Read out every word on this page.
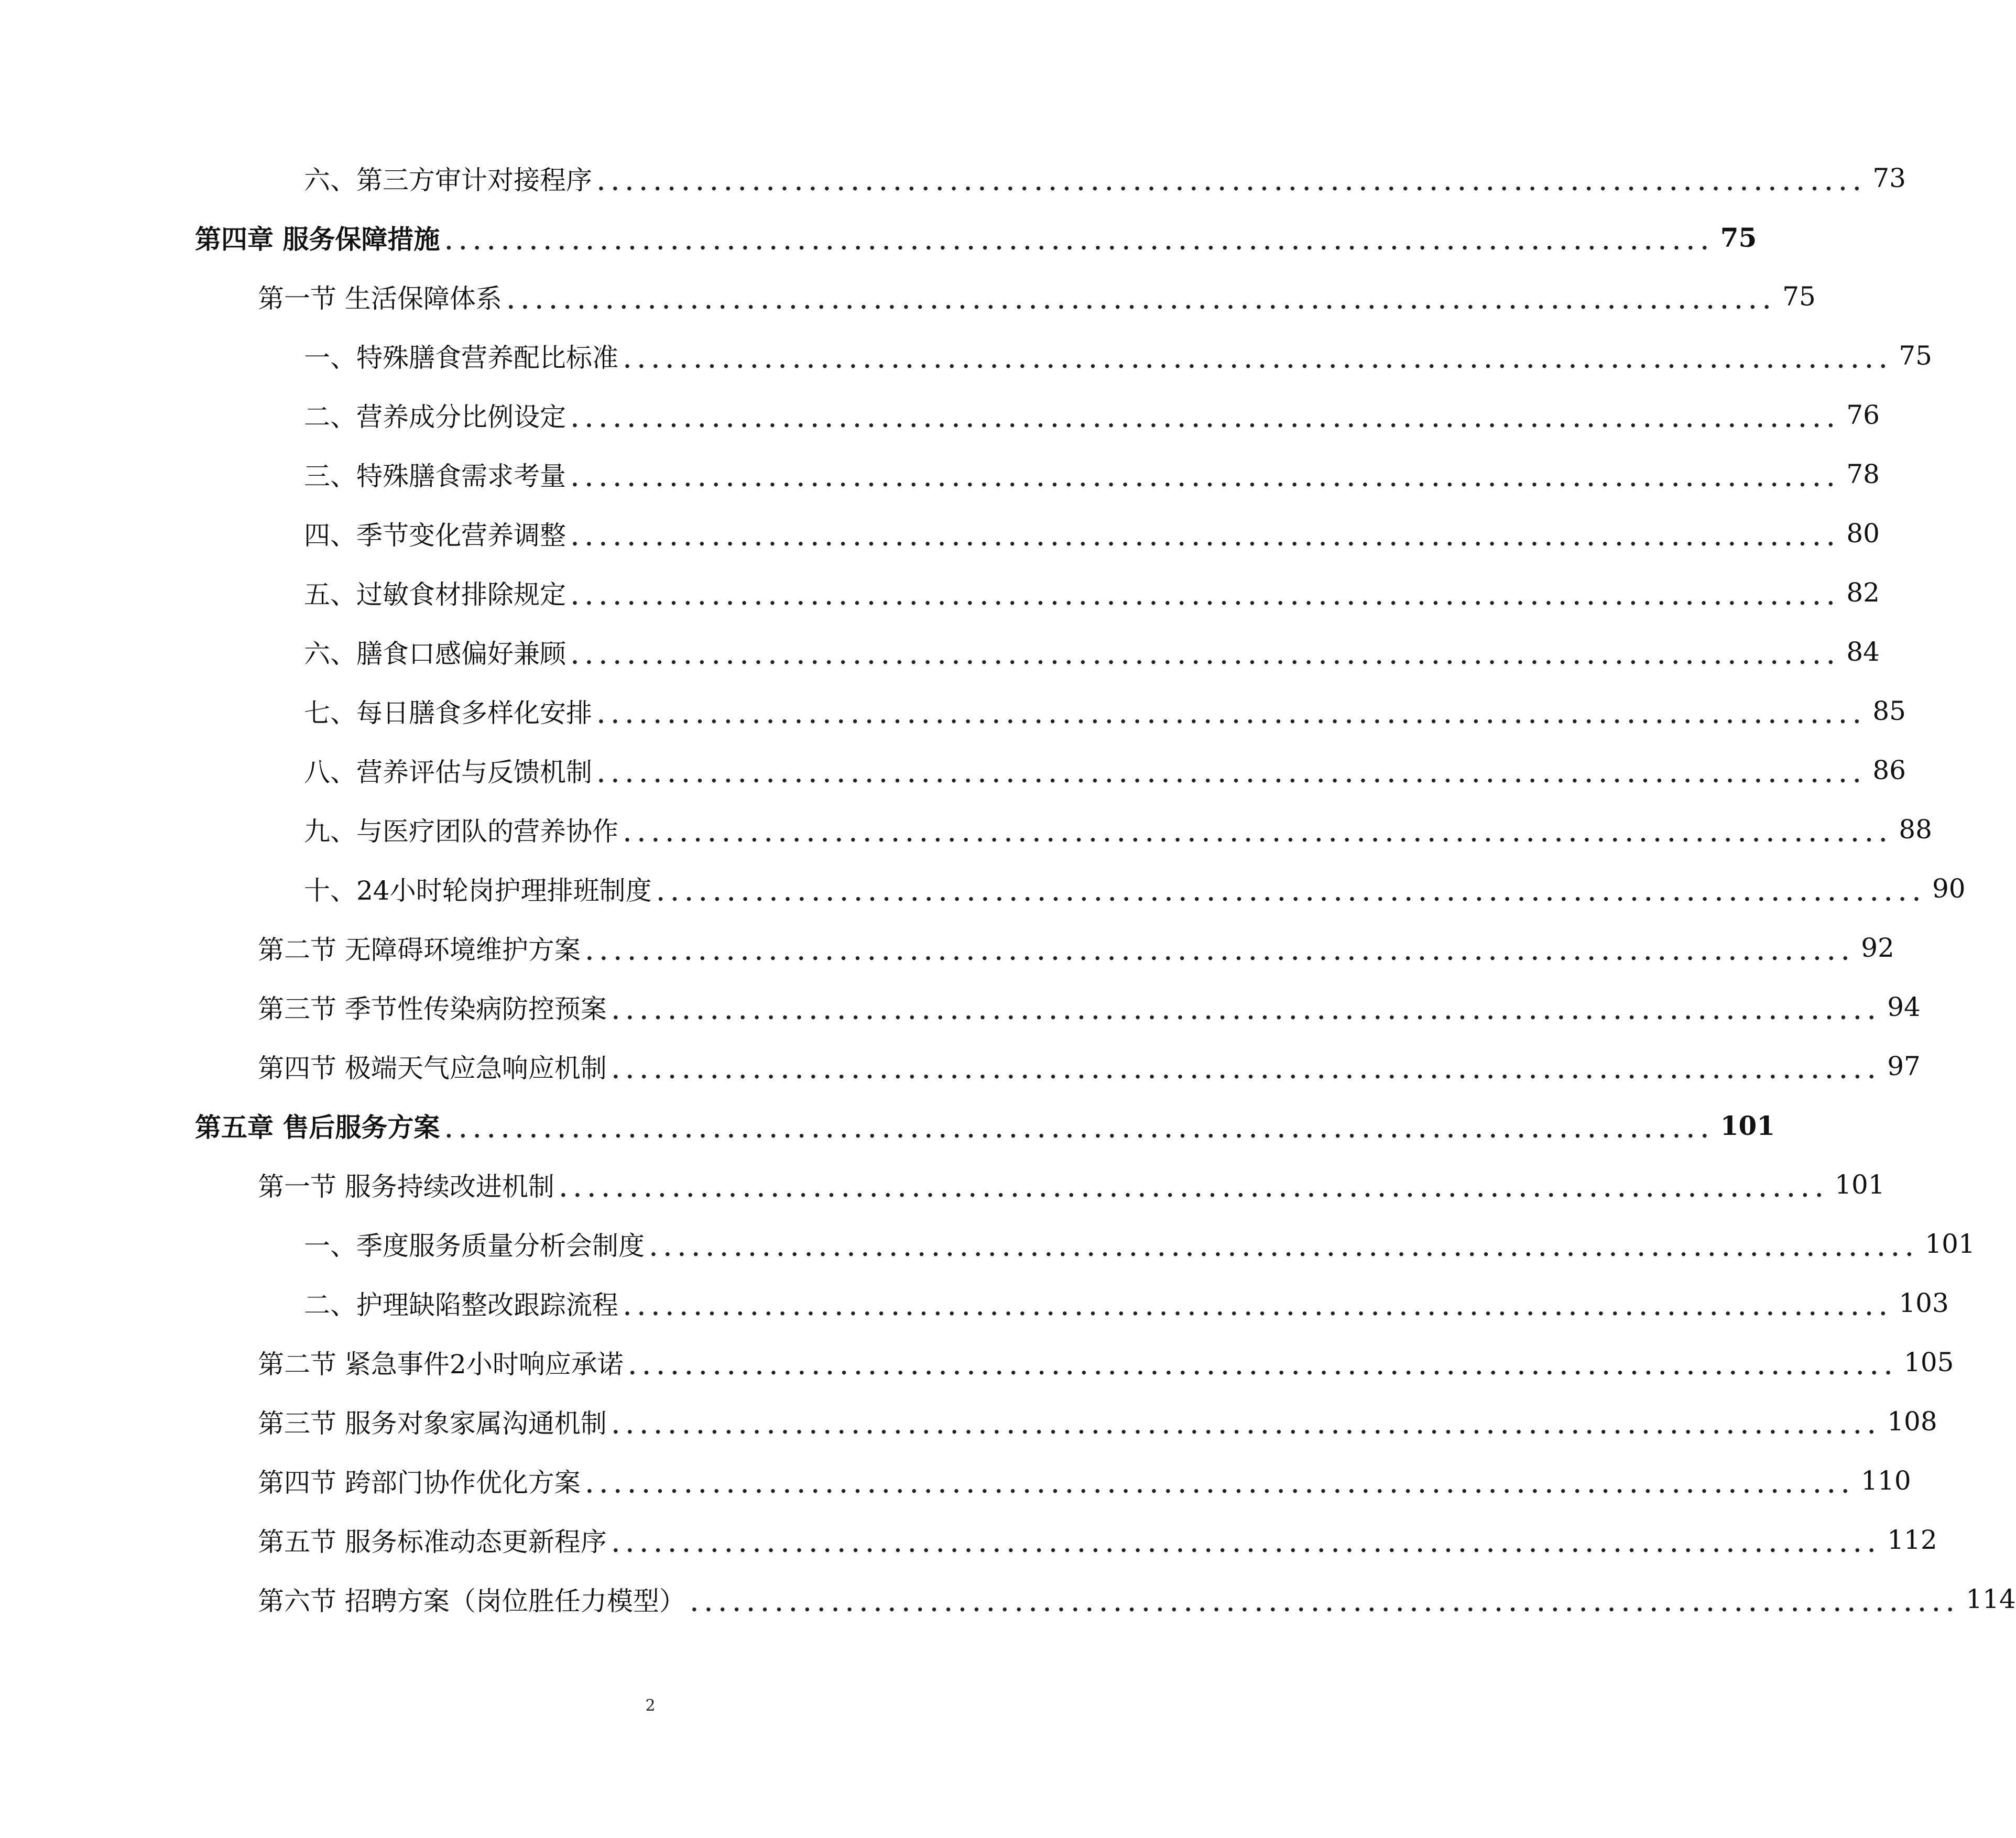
六、第三方审计对接程序 .......................................................................................... 73
第四章 服务保障措施 .......................................................................................... 75
第一节 生活保障体系 .......................................................................................... 75
一、特殊膳食营养配比标准 .......................................................................................... 75
二、营养成分比例设定 .......................................................................................... 76
三、特殊膳食需求考量 .......................................................................................... 78
四、季节变化营养调整 .......................................................................................... 80
五、过敏食材排除规定 .......................................................................................... 82
六、膳食口感偏好兼顾 .......................................................................................... 84
七、每日膳食多样化安排 .......................................................................................... 85
八、营养评估与反馈机制 .......................................................................................... 86
九、与医疗团队的营养协作 .......................................................................................... 88
十、24小时轮岗护理排班制度 .......................................................................................... 90
第二节 无障碍环境维护方案 .......................................................................................... 92
第三节 季节性传染病防控预案 .......................................................................................... 94
第四节 极端天气应急响应机制 .......................................................................................... 97
第五章 售后服务方案 .......................................................................................... 101
第一节 服务持续改进机制 .......................................................................................... 101
一、季度服务质量分析会制度 .......................................................................................... 101
二、护理缺陷整改跟踪流程 .......................................................................................... 103
第二节 紧急事件2小时响应承诺 .......................................................................................... 105
第三节 服务对象家属沟通机制 .......................................................................................... 108
第四节 跨部门协作优化方案 .......................................................................................... 110
第五节 服务标准动态更新程序 .......................................................................................... 112
第六节 招聘方案（岗位胜任力模型） .......................................................................................... 114
2
